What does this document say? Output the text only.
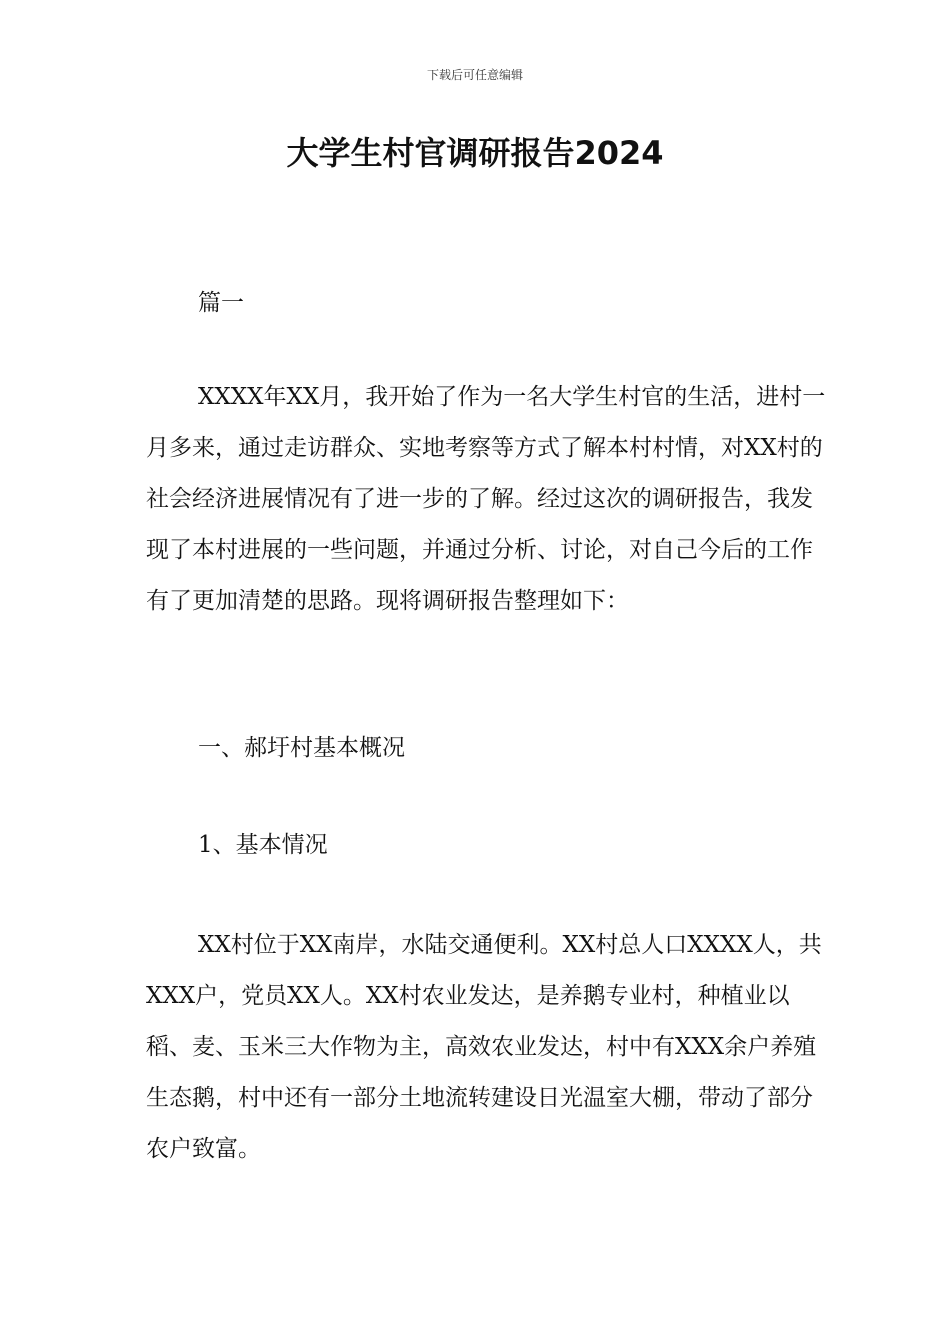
下载后可任意编辑
大学生村官调研报告2024

篇一

XXXX年XX月，我开始了作为一名大学生村官的生活，进村一月多来，通过走访群众、实地考察等方式了解本村村情，对XX村的社会经济进展情况有了进一步的了解。经过这次的调研报告，我发现了本村进展的一些问题，并通过分析、讨论，对自己今后的工作有了更加清楚的思路。现将调研报告整理如下：

一、郝圩村基本概况

1、基本情况

XX村位于XX南岸，水陆交通便利。XX村总人口XXXX人，共XXX户，党员XX人。XX村农业发达，是养鹅专业村，种植业以稻、麦、玉米三大作物为主，高效农业发达，村中有XXX余户养殖生态鹅，村中还有一部分土地流转建设日光温室大棚，带动了部分农户致富。
